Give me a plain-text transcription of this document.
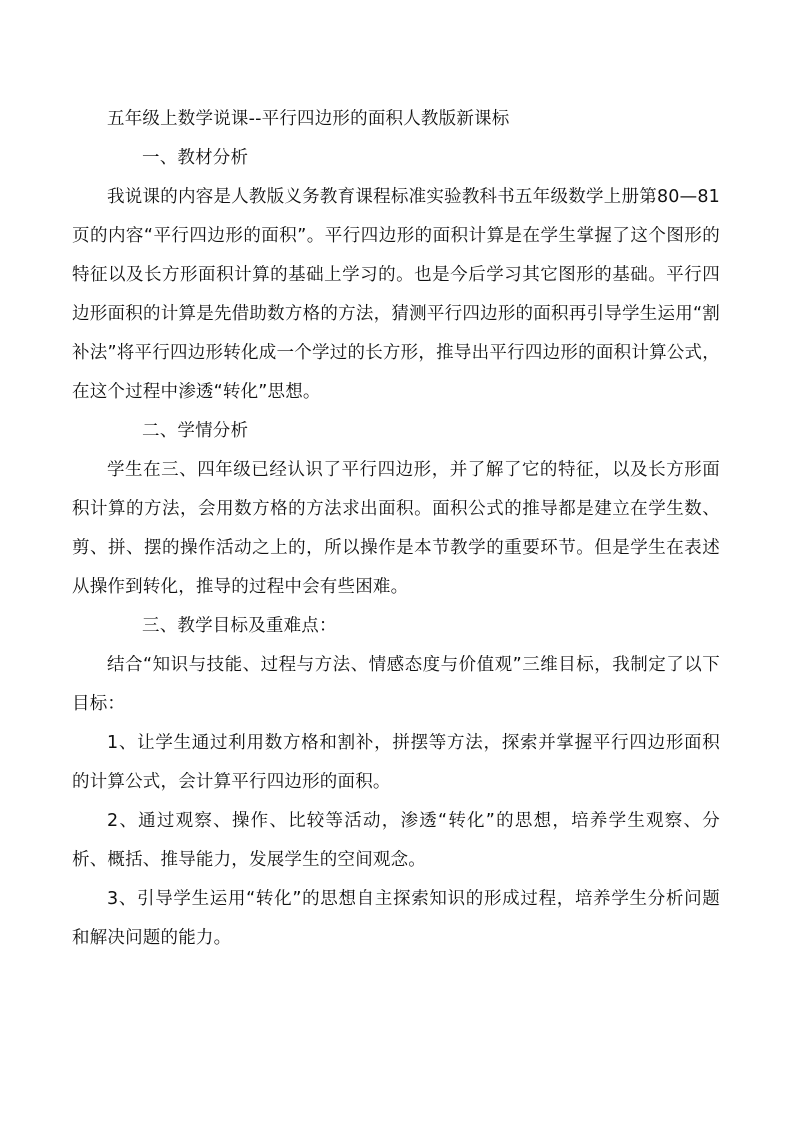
五年级上数学说课--平行四边形的面积人教版新课标

一、教材分析

我说课的内容是人教版义务教育课程标准实验教科书五年级数学上册第80—81页的内容“平行四边形的面积”。平行四边形的面积计算是在学生掌握了这个图形的特征以及长方形面积计算的基础上学习的。也是今后学习其它图形的基础。平行四边形面积的计算是先借助数方格的方法，猜测平行四边形的面积再引导学生运用“割补法”将平行四边形转化成一个学过的长方形，推导出平行四边形的面积计算公式，在这个过程中渗透“转化”思想。

二、学情分析

学生在三、四年级已经认识了平行四边形，并了解了它的特征，以及长方形面积计算的方法，会用数方格的方法求出面积。面积公式的推导都是建立在学生数、剪、拼、摆的操作活动之上的，所以操作是本节教学的重要环节。但是学生在表述从操作到转化，推导的过程中会有些困难。

三、教学目标及重难点：

结合“知识与技能、过程与方法、情感态度与价值观”三维目标，我制定了以下目标：

1、让学生通过利用数方格和割补，拼摆等方法，探索并掌握平行四边形面积的计算公式，会计算平行四边形的面积。

2、通过观察、操作、比较等活动，渗透“转化”的思想，培养学生观察、分析、概括、推导能力，发展学生的空间观念。

3、引导学生运用“转化”的思想自主探索知识的形成过程，培养学生分析问题和解决问题的能力。
